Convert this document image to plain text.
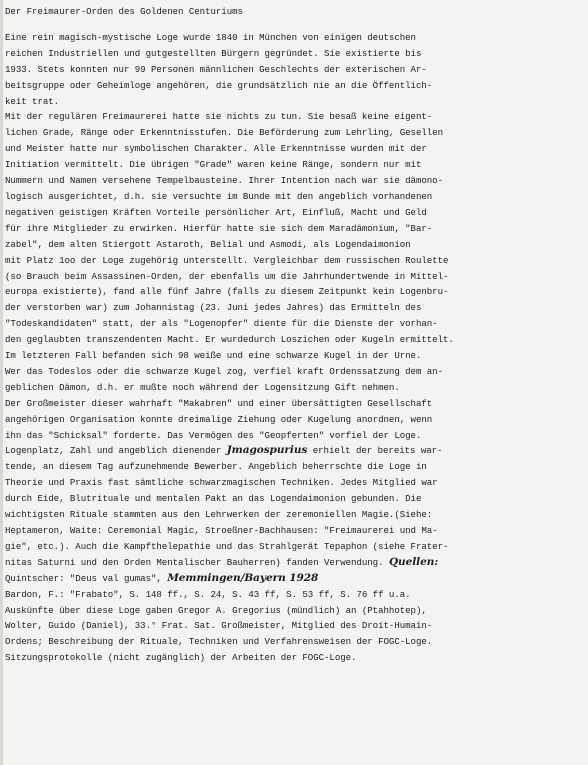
Der Freimaurer-Orden des Goldenen Centuriums
Eine rein magisch-mystische Loge wurde 1840 in München von einigen deutschen
reichen Industriellen und gutgestellten Bürgern gegründet. Sie existierte bis
1933. Stets konnten nur 99 Personen männlichen Geschlechts der exterischen Ar-
beitsgruppe oder Geheimloge angehören, die grundsätzlich nie an die Öffentlich-
keit trat.
Mit der regulären Freimaurerei hatte sie nichts zu tun. Sie besaß keine eigent-
lichen Grade, Ränge oder Erkenntnisstufen. Die Beförderung zum Lehrling, Gesellen
und Meister hatte nur symbolischen Charakter. Alle Erkenntnisse wurden mit der
Initiation vermittelt. Die übrigen "Grade" waren keine Ränge, sondern nur mit
Nummern und Namen versehene Tempelbausteine. Ihrer Intention nach war sie dämono-
logisch ausgerichtet, d.h. sie versuchte im Bunde mit den angeblich vorhandenen
negativen geistigen Kräften Vorteile persönlicher Art, Einfluß, Macht und Geld
für ihre Mitglieder zu erwirken. Hierfür hatte sie sich dem Maradämonium, "Bar-
zabel", dem alten Stiergott Astaroth, Belial und Asmodi, als Logendaimonion
mit Platz 1oo der Loge zugehörig unterstellt. Vergleichbar dem russischen Roulette
(so Brauch beim Assassinen-Orden, der ebenfalls um die Jahrhundertwende in Mittel-
europa existierte), fand alle fünf Jahre (falls zu diesem Zeitpunkt kein Logenbru-
der verstorben war) zum Johannistag (23. Juni jedes Jahres) das Ermitteln des
"Todeskandidaten" statt, der als "Logenopfer" diente für die Dienste der vorhan-
den geglaubten transzendenten Macht. Er wurdedurch Loszichen oder Kugeln ermittelt.
Im letzteren Fall befanden sich 98 weiße und eine schwarze Kugel in der Urne.
Wer das Todeslos oder die schwarze Kugel zog, verfiel kraft Ordenssatzung dem an-
geblichen Dämon, d.h. er mußte noch während der Logensitzung Gift nehmen.
Der Großmeister dieser wahrhaft "Makabren" und einer übersättigten Gesellschaft
angehörigen Organisation konnte dreimalige Ziehung oder Kugelung anordnen, wenn
ihn das "Schicksal" forderte. Das Vermögen des "Geopferten" vorfiel der Loge.
Logenplatz, Zahl und angeblich dienender Jmagospurius erhielt der bereits war-
tende, an diesem Tag aufzunehmende Bewerber. Angeblich beherrschte die Loge in
Theorie und Praxis fast sämtliche schwarzmagischen Techniken. Jedes Mitglied war
durch Eide, Blutrituale und mentalen Pakt an das Logendaimonion gebunden. Die
wichtigsten Rituale stammten aus den Lehrwerken der zeremoniellen Magie.(Siehe:
Heptameron, Waite: Ceremonial Magic, Stroeßner-Bachhausen: "Freimaurerei und Ma-
gie", etc.). Auch die Kampfthelepathie und das Strahlgerät Tepaphon (siehe Frater-
nitas Saturni und den Orden Mentalischer Bauherren) fanden Verwendung. Quellen:
Quintscher: "Deus val gumas", Memmingen/Bayern 1928
Bardon, F.: "Frabato", S. 148 ff., S. 24, S. 43 ff, S. 53 ff, S. 76 ff u.a.
Auskünfte über diese Loge gaben Gregor A. Gregorius (mündlich) an (Ptahhotep),
Wolter, Guido (Daniel), 33.° Frat. Sat. Großmeister, Mitglied des Droit-Humain-
Ordens; Beschreibung der Rituale, Techniken und Verfahrensweisen der FOGC-Loge.
Sitzungsprotokolle (nicht zugänglich) der Arbeiten der FOGC-Loge.
